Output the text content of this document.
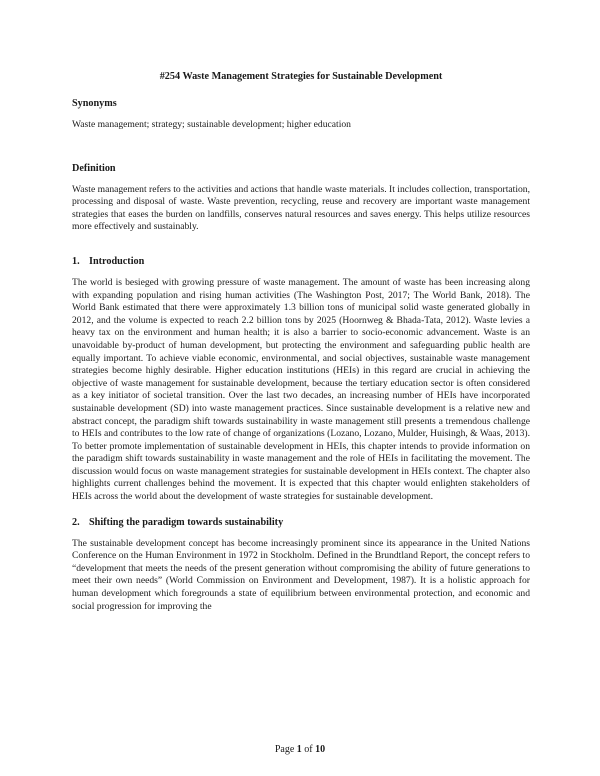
#254 Waste Management Strategies for Sustainable Development
Synonyms
Waste management; strategy; sustainable development; higher education
Definition
Waste management refers to the activities and actions that handle waste materials. It includes collection, transportation, processing and disposal of waste. Waste prevention, recycling, reuse and recovery are important waste management strategies that eases the burden on landfills, conserves natural resources and saves energy. This helps utilize resources more effectively and sustainably.
1. Introduction
The world is besieged with growing pressure of waste management. The amount of waste has been increasing along with expanding population and rising human activities (The Washington Post, 2017; The World Bank, 2018). The World Bank estimated that there were approximately 1.3 billion tons of municipal solid waste generated globally in 2012, and the volume is expected to reach 2.2 billion tons by 2025 (Hoornweg & Bhada-Tata, 2012). Waste levies a heavy tax on the environment and human health; it is also a barrier to socio-economic advancement. Waste is an unavoidable by-product of human development, but protecting the environment and safeguarding public health are equally important. To achieve viable economic, environmental, and social objectives, sustainable waste management strategies become highly desirable. Higher education institutions (HEIs) in this regard are crucial in achieving the objective of waste management for sustainable development, because the tertiary education sector is often considered as a key initiator of societal transition. Over the last two decades, an increasing number of HEIs have incorporated sustainable development (SD) into waste management practices. Since sustainable development is a relative new and abstract concept, the paradigm shift towards sustainability in waste management still presents a tremendous challenge to HEIs and contributes to the low rate of change of organizations (Lozano, Lozano, Mulder, Huisingh, & Waas, 2013). To better promote implementation of sustainable development in HEIs, this chapter intends to provide information on the paradigm shift towards sustainability in waste management and the role of HEIs in facilitating the movement. The discussion would focus on waste management strategies for sustainable development in HEIs context. The chapter also highlights current challenges behind the movement. It is expected that this chapter would enlighten stakeholders of HEIs across the world about the development of waste strategies for sustainable development.
2. Shifting the paradigm towards sustainability
The sustainable development concept has become increasingly prominent since its appearance in the United Nations Conference on the Human Environment in 1972 in Stockholm. Defined in the Brundtland Report, the concept refers to “development that meets the needs of the present generation without compromising the ability of future generations to meet their own needs” (World Commission on Environment and Development, 1987). It is a holistic approach for human development which foregrounds a state of equilibrium between environmental protection, and economic and social progression for improving the
Page 1 of 10
